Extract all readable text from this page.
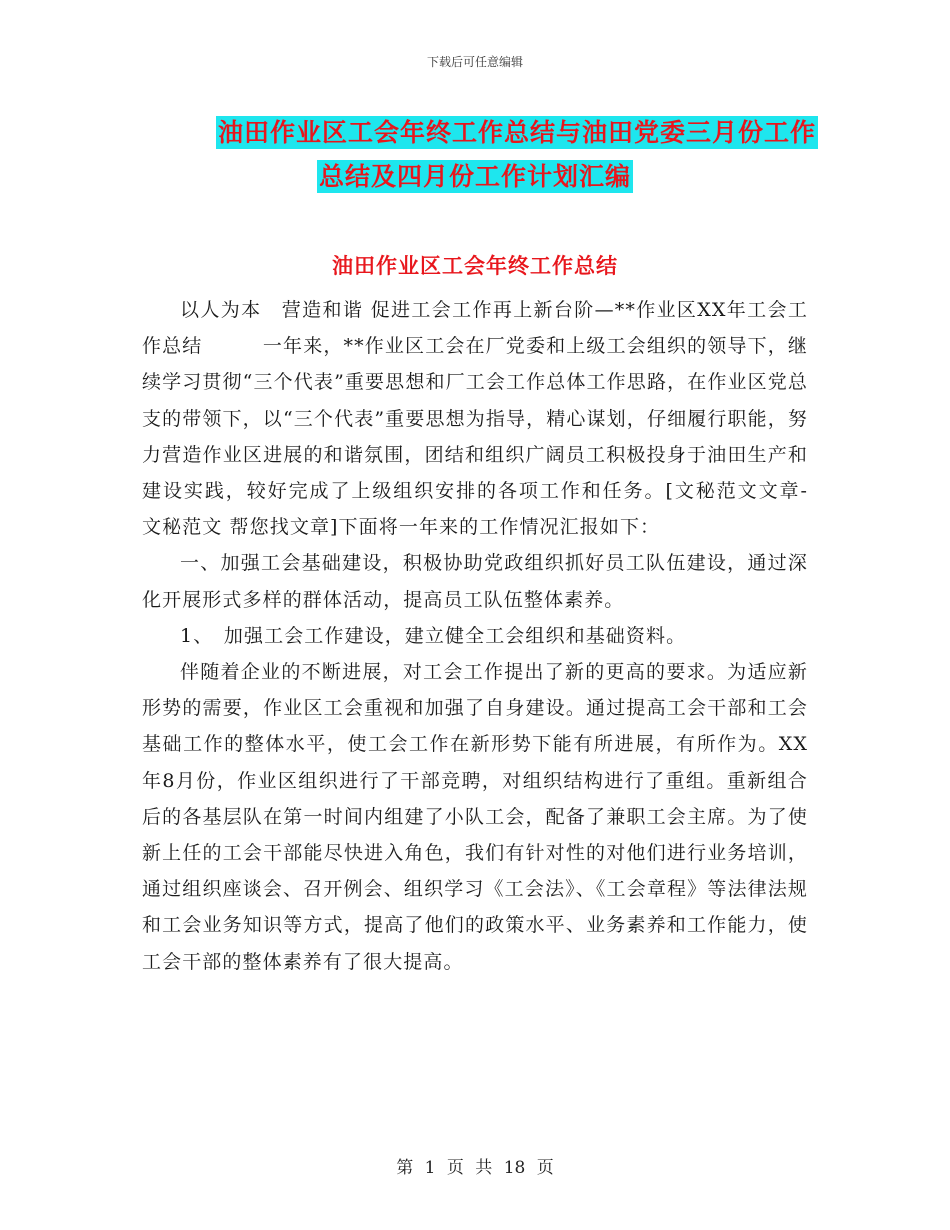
下载后可任意编辑
油田作业区工会年终工作总结与油田党委三月份工作
总结及四月份工作计划汇编
油田作业区工会年终工作总结

以人为本　营造和谐 促进工会工作再上新台阶—**作业区XX年工会工作总结　　　一年来，**作业区工会在厂党委和上级工会组织的领导下，继续学习贯彻“三个代表”重要思想和厂工会工作总体工作思路，在作业区党总支的带领下，以“三个代表”重要思想为指导，精心谋划，仔细履行职能，努力营造作业区进展的和谐氛围，团结和组织广阔员工积极投身于油田生产和建设实践，较好完成了上级组织安排的各项工作和任务。[文秘范文文章- 文秘范文 帮您找文章]下面将一年来的工作情况汇报如下：

一、加强工会基础建设，积极协助党政组织抓好员工队伍建设，通过深化开展形式多样的群体活动，提高员工队伍整体素养。

1、　加强工会工作建设，建立健全工会组织和基础资料。

伴随着企业的不断进展，对工会工作提出了新的更高的要求。为适应新形势的需要，作业区工会重视和加强了自身建设。通过提高工会干部和工会基础工作的整体水平，使工会工作在新形势下能有所进展，有所作为。XX年8月份，作业区组织进行了干部竞聘，对组织结构进行了重组。重新组合后的各基层队在第一时间内组建了小队工会，配备了兼职工会主席。为了使新上任的工会干部能尽快进入角色，我们有针对性的对他们进行业务培训，通过组织座谈会、召开例会、组织学习《工会法》、《工会章程》等法律法规和工会业务知识等方式，提高了他们的政策水平、业务素养和工作能力，使工会干部的整体素养有了很大提高。

第 1 页 共 18 页
